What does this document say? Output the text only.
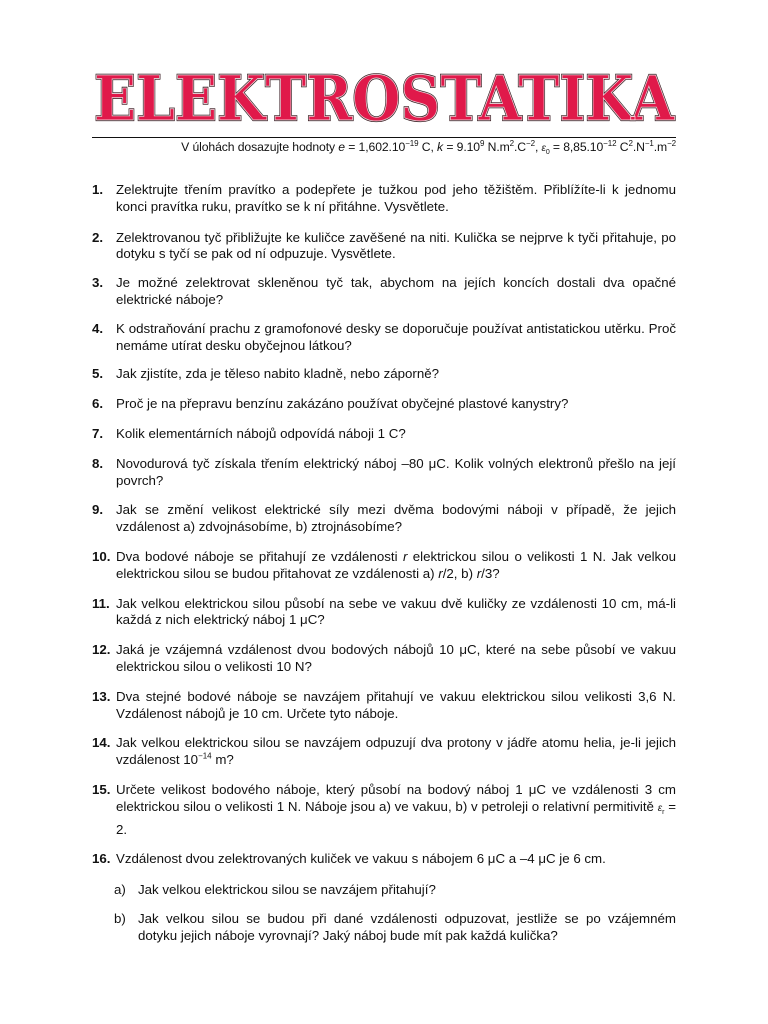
ELEKTROSTATIKA
ELEKTROSTATIKA
V úlohách dosazujte hodnoty $e = 1,602.10^{-19}$ C, $k = 9.10^9$ $N.m^2.C^{-2}$, $\varepsilon_0 = 8,85.10^{-12}$ $C^2.N^{-1}.m^{-2}$
1. Zelektrujte třením pravítko a podepřete je tužkou pod jeho těžištěm. Přiblížíte-li k jednomu konci pravítka ruku, pravítko se k ní přitáhne. Vysvětlete.
2. Zelektrovanou tyč přibližujte ke kuličce zavěšené na niti. Kulička se nejprve k tyči přitahuje, po dotyku s tyčí se pak od ní odpuzuje. Vysvětlete.
3. Je možné zelektrovat skleněnou tyč tak, abychom na jejích koncích dostali dva opačné elektrické náboje?
4. K odstraňování prachu z gramofonové desky se doporučuje používat antistatickou utěrku. Proč nemáme utírat desku obyčejnou látkou?
5. Jak zjistíte, zda je těleso nabito kladně, nebo záporně?
6. Proč je na přepravu benzínu zakázáno používat obyčejné plastové kanystry?
7. Kolik elementárních nábojů odpovídá náboji 1 C?
8. Novodurová tyč získala třením elektrický náboj –80 μC. Kolik volných elektronů přešlo na její povrch?
9. Jak se změní velikost elektrické síly mezi dvěma bodovými náboji v případě, že jejich vzdálenost a) zdvojnásobíme, b) ztrojnásobíme?
10. Dva bodové náboje se přitahují ze vzdálenosti r elektrickou silou o velikosti 1 N. Jak velkou elektrickou silou se budou přitahovat ze vzdálenosti a) r/2, b) r/3?
11. Jak velkou elektrickou silou působí na sebe ve vakuu dvě kuličky ze vzdálenosti 10 cm, má-li každá z nich elektrický náboj 1 μC?
12. Jaká je vzájemná vzdálenost dvou bodových nábojů 10 μC, které na sebe působí ve vakuu elektrickou silou o velikosti 10 N?
13. Dva stejné bodové náboje se navzájem přitahují ve vakuu elektrickou silou velikosti 3,6 N. Vzdálenost nábojů je 10 cm. Určete tyto náboje.
14. Jak velkou elektrickou silou se navzájem odpuzují dva protony v jádře atomu helia, je-li jejich vzdálenost $10^{-14}$ m?
15. Určete velikost bodového náboje, který působí na bodový náboj 1 μC ve vzdálenosti 3 cm elektrickou silou o velikosti 1 N. Náboje jsou a) ve vakuu, b) v petroleji o relativní permitivitě $\varepsilon_r = 2$.
16. Vzdálenost dvou zelektrovaných kuliček ve vakuu s nábojem 6 μC a –4 μC je 6 cm.
a) Jak velkou elektrickou silou se navzájem přitahují?
b) Jak velkou silou se budou při dané vzdálenosti odpuzovat, jestliže se po vzájemném dotyku jejich náboje vyrovnají? Jaký náboj bude mít pak každá kulička?
